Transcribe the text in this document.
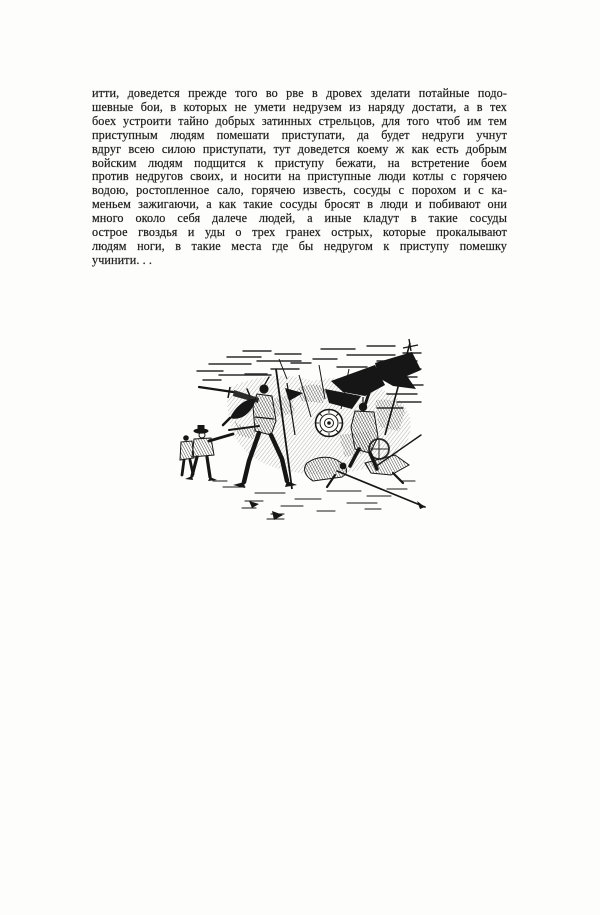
итти, доведется прежде того во рве в дровех зделати потайные подо-

шевные бои, в которых не умети недрузем из наряду достати, а в тех

боех устроити тайно добрых затинных стрельцов, для того чтоб им тем

приступным людям помешати приступати, да будет недруги учнут

вдруг всею силою приступати, тут доведется коему ж как есть добрым

войским людям подщится к приступу бежати, на встретение боем

против недругов своих, и носити на приступные люди котлы с горячею

водою, ростопленное сало, горячею известь, сосуды с порохом и с ка-

меньем зажигаючи, а как такие сосуды бросят в люди и побивают они

много около себя далече людей, а иные кладут в такие сосуды

острое гвоздья и уды о трех гранех острых, которые прокалывают

людям ноги, в такие места где бы недругом к приступу помешку

учинити. . .
